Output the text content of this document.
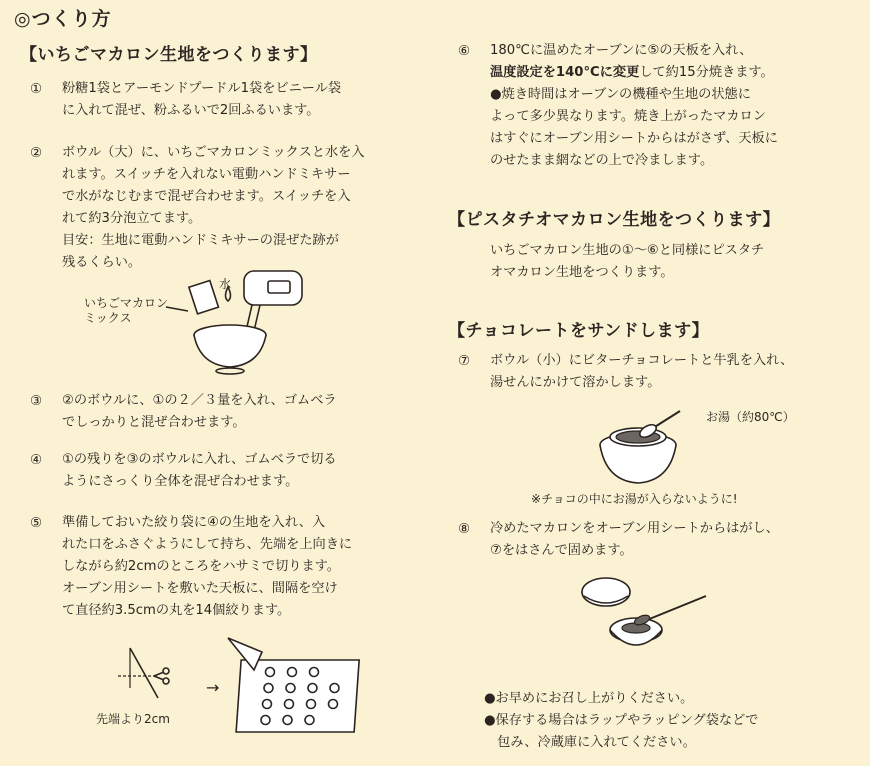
◎つくり方
【いちごマカロン生地をつくります】
① 粉糖1袋とアーモンドプードル1袋をビニール袋
に入れて混ぜ、粉ふるいで2回ふるいます。
② ボウル（大）に、いちごマカロンミックスと水を入
れます。スイッチを入れない電動ハンドミキサー
で水がなじむまで混ぜ合わせます。スイッチを入
れて約3分泡立てます。
目安：生地に電動ハンドミキサーの混ぜた跡が
残るくらい。
いちごマカロン
ミックス
水
③ ②のボウルに、①の２／３量を入れ、ゴムベラ
でしっかりと混ぜ合わせます。
④ ①の残りを③のボウルに入れ、ゴムベラで切る
ようにさっくり全体を混ぜ合わせます。
⑤ 準備しておいた絞り袋に④の生地を入れ、入
れた口をふさぐようにして持ち、先端を上向きに
しながら約2cmのところをハサミで切ります。
オーブン用シートを敷いた天板に、間隔を空け
て直径約3.5cmの丸を14個絞ります。
→
先端より2cm
⑥ 180℃に温めたオーブンに⑤の天板を入れ、
温度設定を140°Cに変更して約15分焼きます。
●焼き時間はオーブンの機種や生地の状態に
よって多少異なります。焼き上がったマカロン
はすぐにオーブン用シートからはがさず、天板に
のせたまま網などの上で冷まします。
【ピスタチオマカロン生地をつくります】
いちごマカロン生地の①～⑥と同様にピスタチ
オマカロン生地をつくります。
【チョコレートをサンドします】
⑦ ボウル（小）にビターチョコレートと牛乳を入れ、
湯せんにかけて溶かします。
お湯（約80℃）
※チョコの中にお湯が入らないように!
⑧ 冷めたマカロンをオーブン用シートからはがし、
⑦をはさんで固めます。
●お早めにお召し上がりください。
●保存する場合はラップやラッピング袋などで
　包み、冷蔵庫に入れてください。
